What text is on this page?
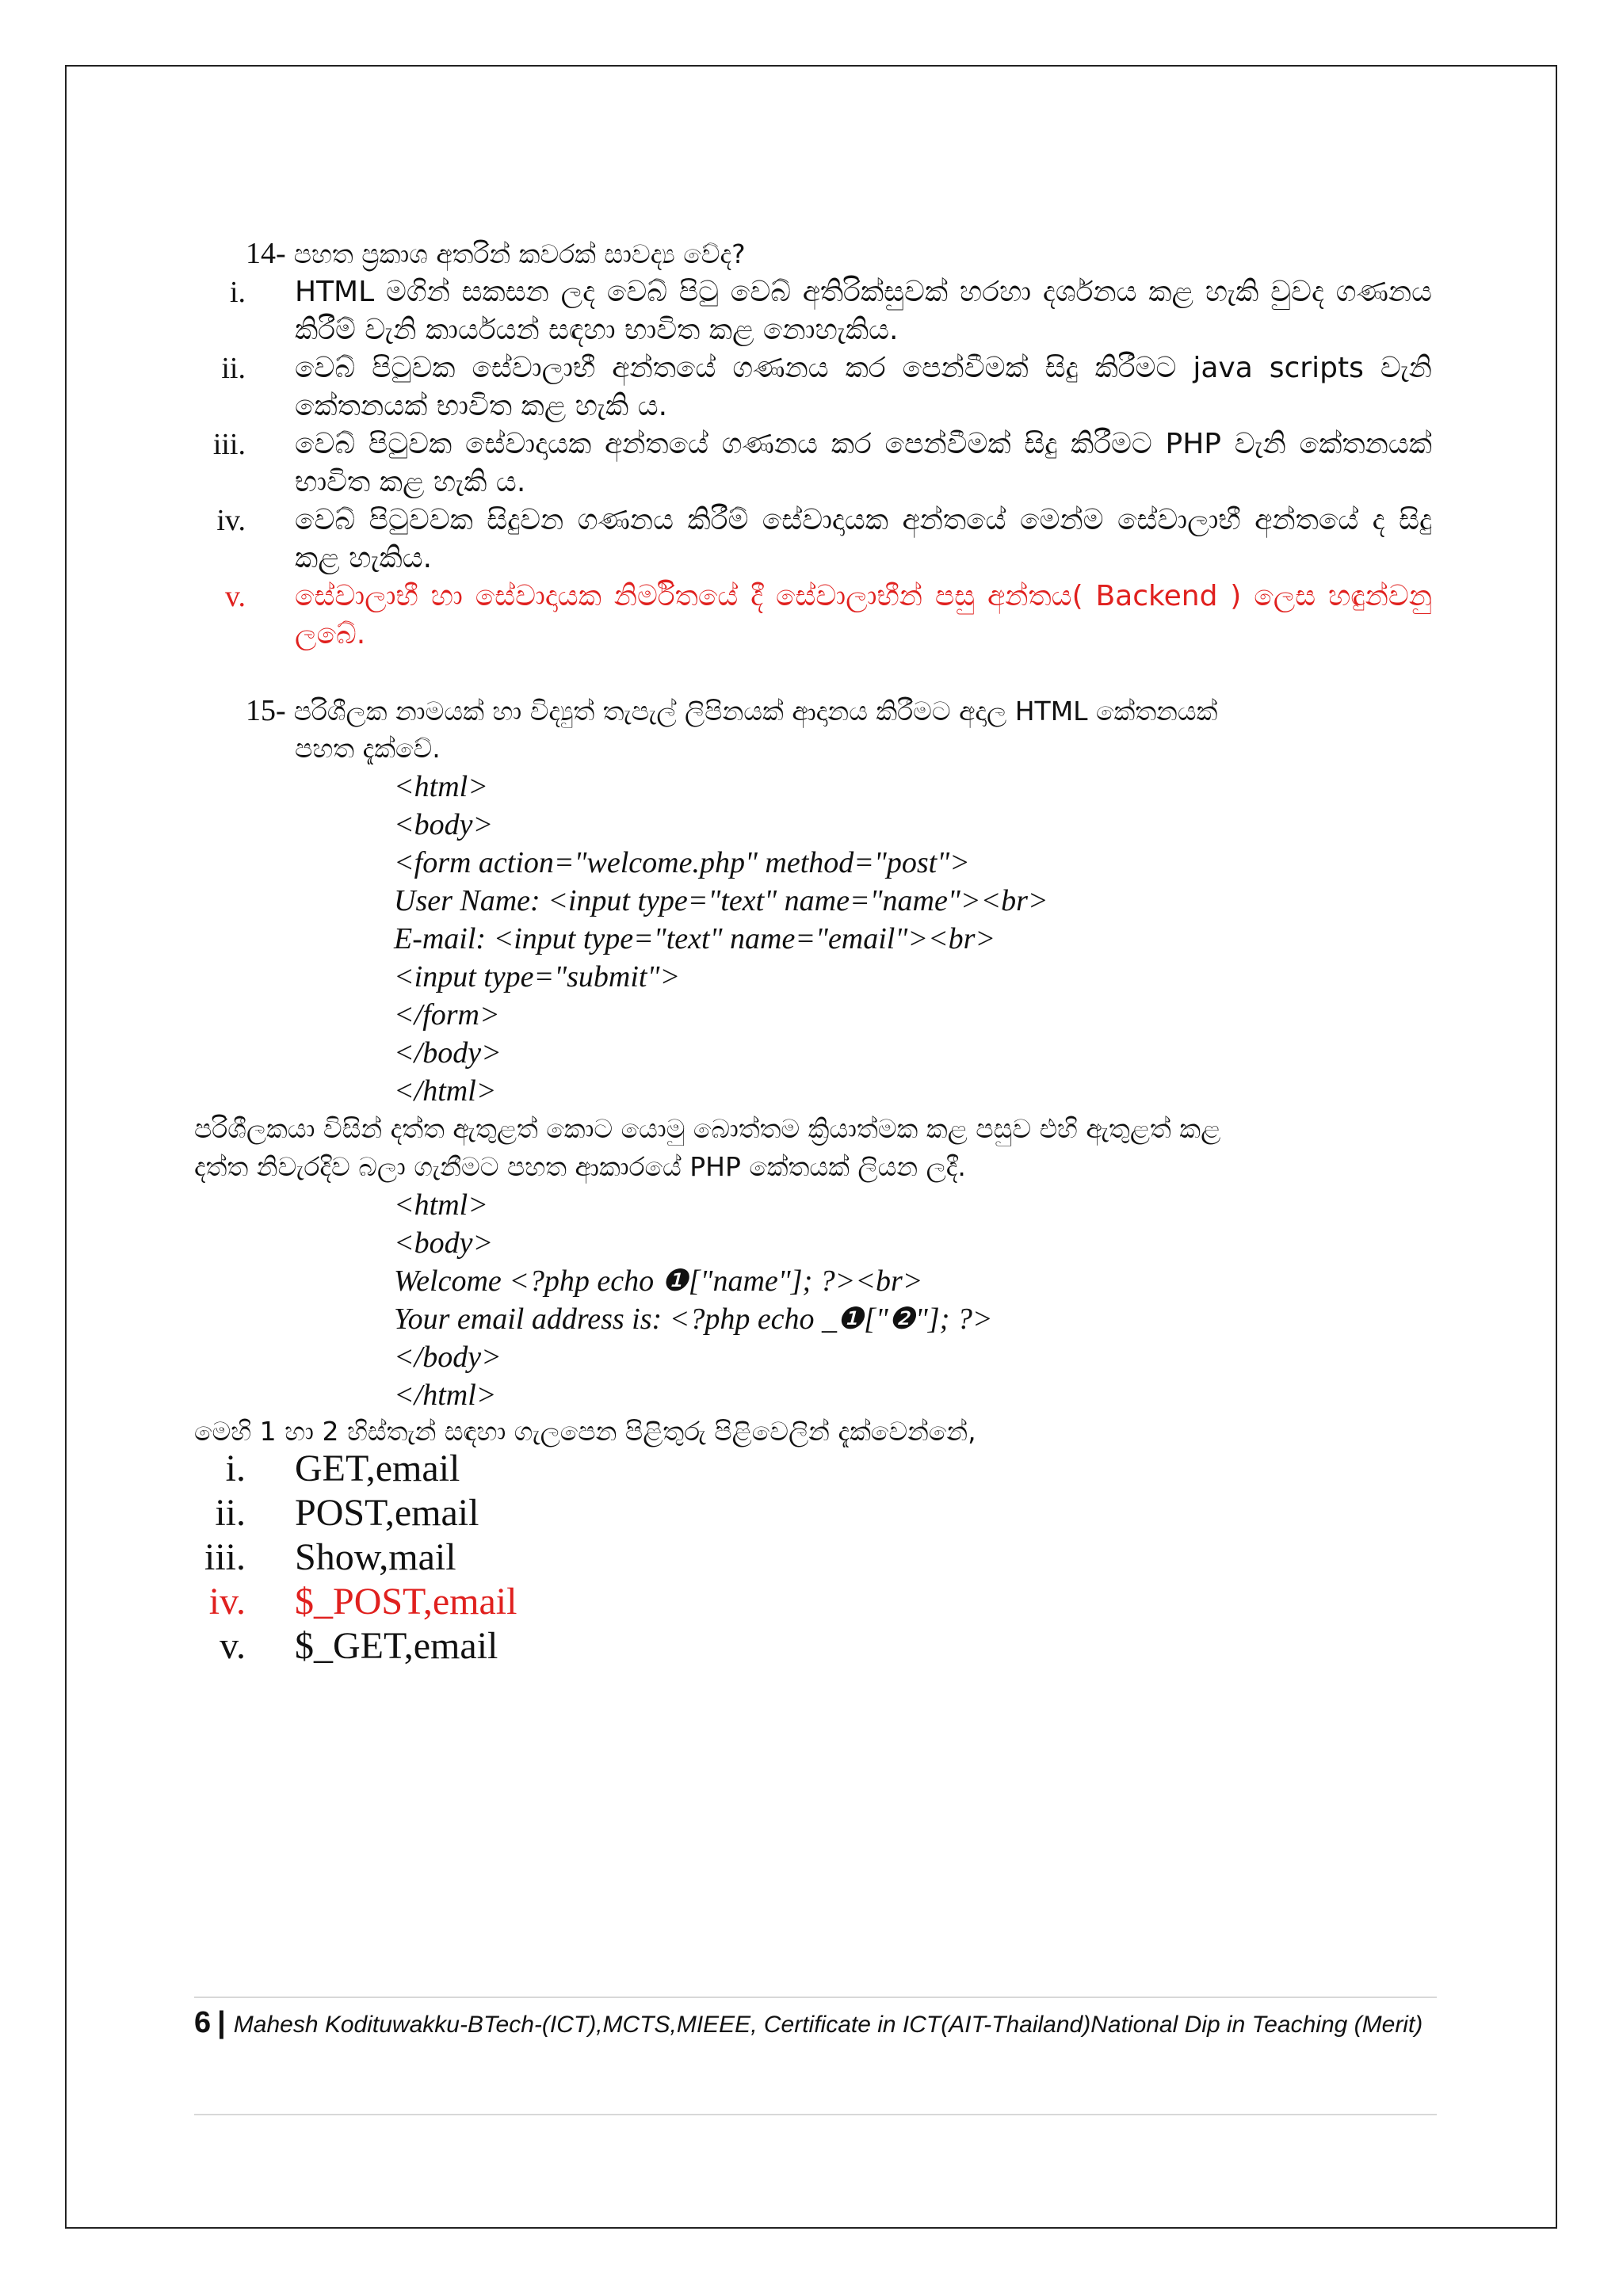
14- පහත ප්‍රකාශ අතරින් කවරක් සාවද්‍ය වේද?
i. HTML මගින් සකසන ලද වෙබ් පිටු වෙබ් අතිරික්සුවක් හරහා දර්ශනය කළ හැකි වුවද ගණනය කිරීම් වැනි කාර්යයන් සඳහා භාවිත කළ නොහැකිය.
ii. වෙබ් පිටුවක සේවාලාභී අන්තයේ ගණනය කර පෙන්වීමක් සිදු කිරීමට java scripts වැනි කේතනයක් භාවිත කළ හැකි ය.
iii. වෙබ් පිටුවක සේවාදායක අන්තයේ ගණනය කර පෙන්වීමක් සිදු කිරීමට PHP වැනි කේතනයක් භාවිත කළ හැකි ය.
iv. වෙබ් පිටුවවක සිදුවන ගණනය කිරීම් සේවාදායක අන්තයේ මෙන්ම සේවාලාභී අන්තයේ ද සිදු කළ හැකිය.
v. සේවාලාභී හා සේවාදායක නිර්මිතයේ දී සේවාලාභීන් පසු අන්තය( Backend ) ලෙස හඳුන්වනු ලබේ.
15- පරිශීලක නාමයක් හා විද්‍යුත් තැපැල් ලිපිනයක් ආදානය කිරීමට අදාල HTML කේතනයක්
පහත දැක්වේ.
<html>
<body>
<form action="welcome.php" method="post">
User Name: <input type="text" name="name"><br>
E-mail: <input type="text" name="email"><br>
<input type="submit">
</form>
</body>
</html>
පරිශීලකයා විසින් දත්ත ඇතුළත් කොට යොමු බොත්තම ක්‍රියාත්මක කළ පසුව එහි ඇතුළත් කළ
දත්ත නිවැරදිව බලා ගැනීමට පහත ආකාරයේ PHP කේතයක් ලියන ලදී.
<html>
<body>
Welcome <?php echo ❶["name"]; ?><br>
Your email address is: <?php echo _❶["❷"]; ?>
</body>
</html>
මෙහි 1 හා 2 හිස්තැන් සඳහා ගැලපෙන පිළිතුරු පිළිවෙලින් දැක්වෙන්නේ,
i. GET,email
ii. POST,email
iii. Show,mail
iv. $_POST,email
v. $_GET,email
6 | Mahesh Kodituwakku-BTech-(ICT),MCTS,MIEEE, Certificate in ICT(AIT-Thailand)National Dip in Teaching (Merit)
